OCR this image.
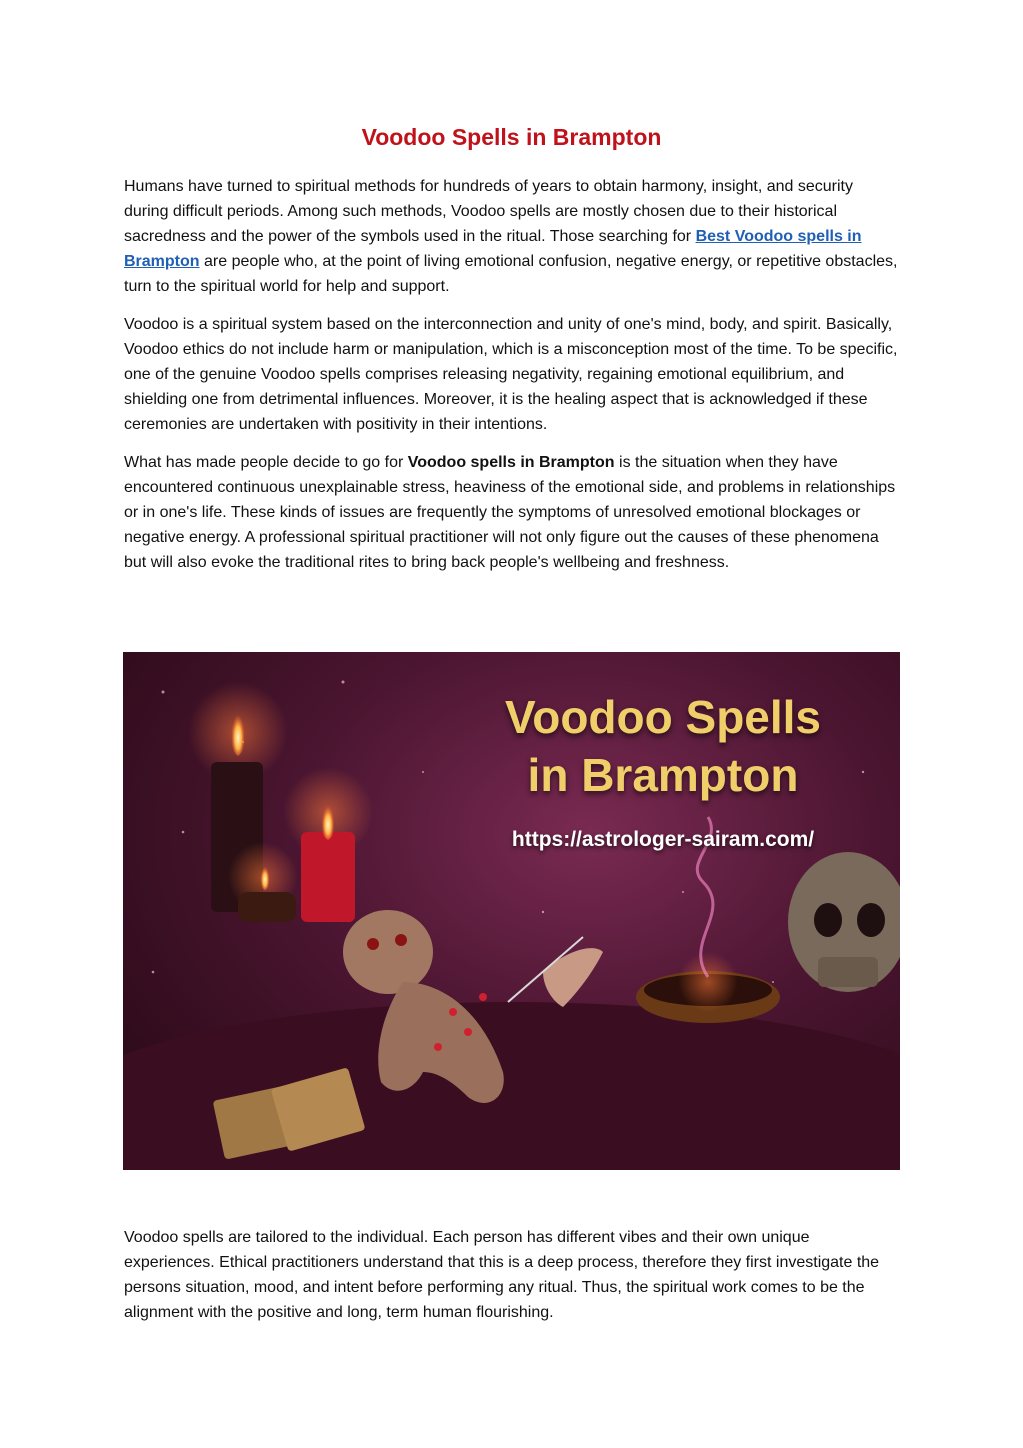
Voodoo Spells in Brampton

Humans have turned to spiritual methods for hundreds of years to obtain harmony, insight, and security during difficult periods. Among such methods, Voodoo spells are mostly chosen due to their historical sacredness and the power of the symbols used in the ritual. Those searching for Best Voodoo spells in Brampton are people who, at the point of living emotional confusion, negative energy, or repetitive obstacles, turn to the spiritual world for help and support.

Voodoo is a spiritual system based on the interconnection and unity of one's mind, body, and spirit. Basically, Voodoo ethics do not include harm or manipulation, which is a misconception most of the time. To be specific, one of the genuine Voodoo spells comprises releasing negativity, regaining emotional equilibrium, and shielding one from detrimental influences. Moreover, it is the healing aspect that is acknowledged if these ceremonies are undertaken with positivity in their intentions.

What has made people decide to go for Voodoo spells in Brampton is the situation when they have encountered continuous unexplainable stress, heaviness of the emotional side, and problems in relationships or in one's life. These kinds of issues are frequently the symptoms of unresolved emotional blockages or negative energy. A professional spiritual practitioner will not only figure out the causes of these phenomena but will also evoke the traditional rites to bring back people's wellbeing and freshness.

Voodoo Spells
in Brampton
https://astrologer-sairam.com/

Voodoo spells are tailored to the individual. Each person has different vibes and their own unique experiences. Ethical practitioners understand that this is a deep process, therefore they first investigate the persons situation, mood, and intent before performing any ritual. Thus, the spiritual work comes to be the alignment with the positive and long, term human flourishing.
